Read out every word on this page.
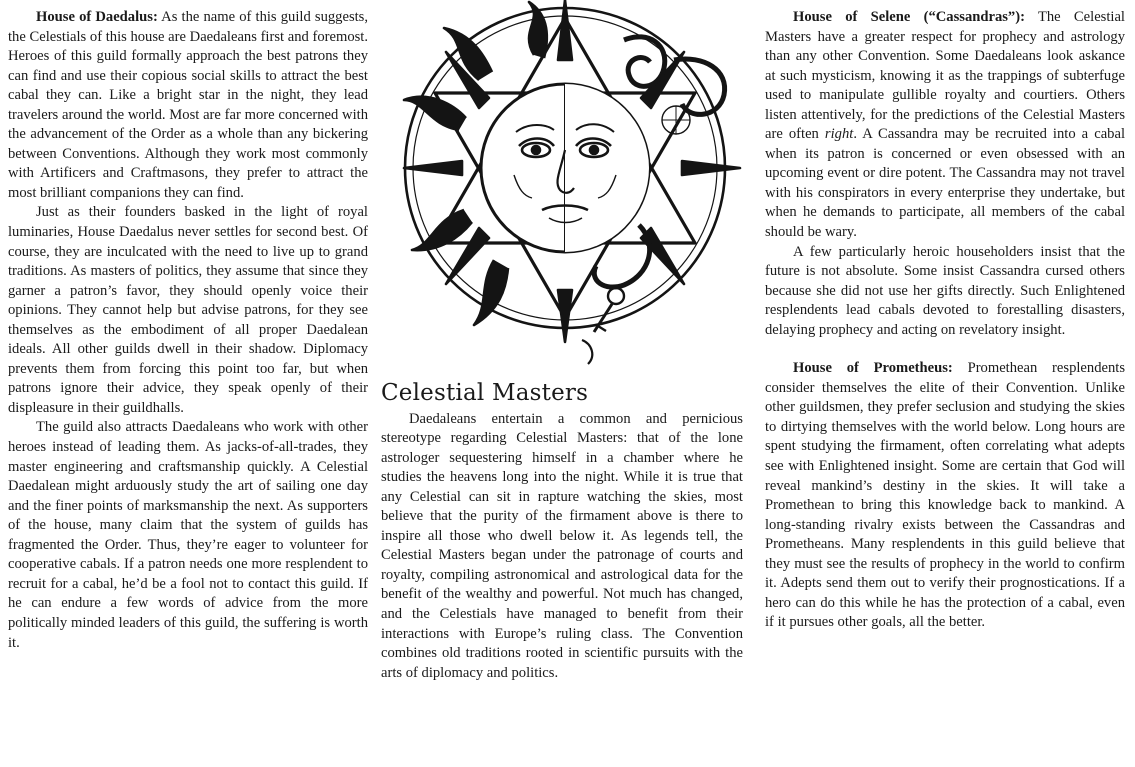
House of Daedalus: As the name of this guild suggests, the Celestials of this house are Daedaleans first and foremost. Heroes of this guild formally approach the best patrons they can find and use their copious social skills to attract the best cabal they can. Like a bright star in the night, they lead travelers around the world. Most are far more concerned with the advancement of the Order as a whole than any bickering between Conventions. Although they work most commonly with Artificers and Craftmasons, they prefer to attract the most brilliant companions they can find.

Just as their founders basked in the light of royal luminaries, House Daedalus never settles for second best. Of course, they are inculcated with the need to live up to grand traditions. As masters of politics, they assume that since they garner a patron’s favor, they should openly voice their opinions. They cannot help but advise patrons, for they see themselves as the embodiment of all proper Daedalean ideals. All other guilds dwell in their shadow. Diplomacy prevents them from forcing this point too far, but when patrons ignore their advice, they speak openly of their displeasure in their guildhalls.

The guild also attracts Daedaleans who work with other heroes instead of leading them. As jacks-of-all-trades, they master engineering and craftsmanship quickly. A Celestial Daedalean might arduously study the art of sailing one day and the finer points of marksmanship the next. As supporters of the house, many claim that the system of guilds has fragmented the Order. Thus, they’re eager to volunteer for cooperative cabals. If a patron needs one more resplendent to recruit for a cabal, he’d be a fool not to contact this guild. If he can endure a few words of advice from the more politically minded leaders of this guild, the suffering is worth it.

Celestial Masters

Daedaleans entertain a common and pernicious stereotype regarding Celestial Masters: that of the lone astrologer sequestering himself in a chamber where he studies the heavens long into the night. While it is true that any Celestial can sit in rapture watching the skies, most believe that the purity of the firmament above is there to inspire all those who dwell below it. As legends tell, the Celestial Masters began under the patronage of courts and royalty, compiling astronomical and astrological data for the benefit of the wealthy and powerful. Not much has changed, and the Celestials have managed to benefit from their interactions with Europe’s ruling class. The Convention combines old traditions rooted in scientific pursuits with the arts of diplomacy and politics.

House of Selene (“Cassandras”): The Celestial Masters have a greater respect for prophecy and astrology than any other Convention. Some Daedaleans look askance at such mysticism, knowing it as the trappings of subterfuge used to manipulate gullible royalty and courtiers. Others listen attentively, for the predictions of the Celestial Masters are often right. A Cassandra may be recruited into a cabal when its patron is concerned or even obsessed with an upcoming event or dire potent. The Cassandra may not travel with his conspirators in every enterprise they undertake, but when he demands to participate, all members of the cabal should be wary.

A few particularly heroic householders insist that the future is not absolute. Some insist Cassandra cursed others because she did not use her gifts directly. Such Enlightened resplendents lead cabals devoted to forestalling disasters, delaying prophecy and acting on revelatory insight.

House of Prometheus: Promethean resplendents consider themselves the elite of their Convention. Unlike other guildsmen, they prefer seclusion and studying the skies to dirtying themselves with the world below. Long hours are spent studying the firmament, often correlating what adepts see with Enlightened insight. Some are certain that God will reveal mankind’s destiny in the skies. It will take a Promethean to bring this knowledge back to mankind. A long-standing rivalry exists between the Cassandras and Prometheans. Many resplendents in this guild believe that they must see the results of prophecy in the world to confirm it. Adepts send them out to verify their prognostications. If a hero can do this while he has the protection of a cabal, even if it pursues other goals, all the better.
